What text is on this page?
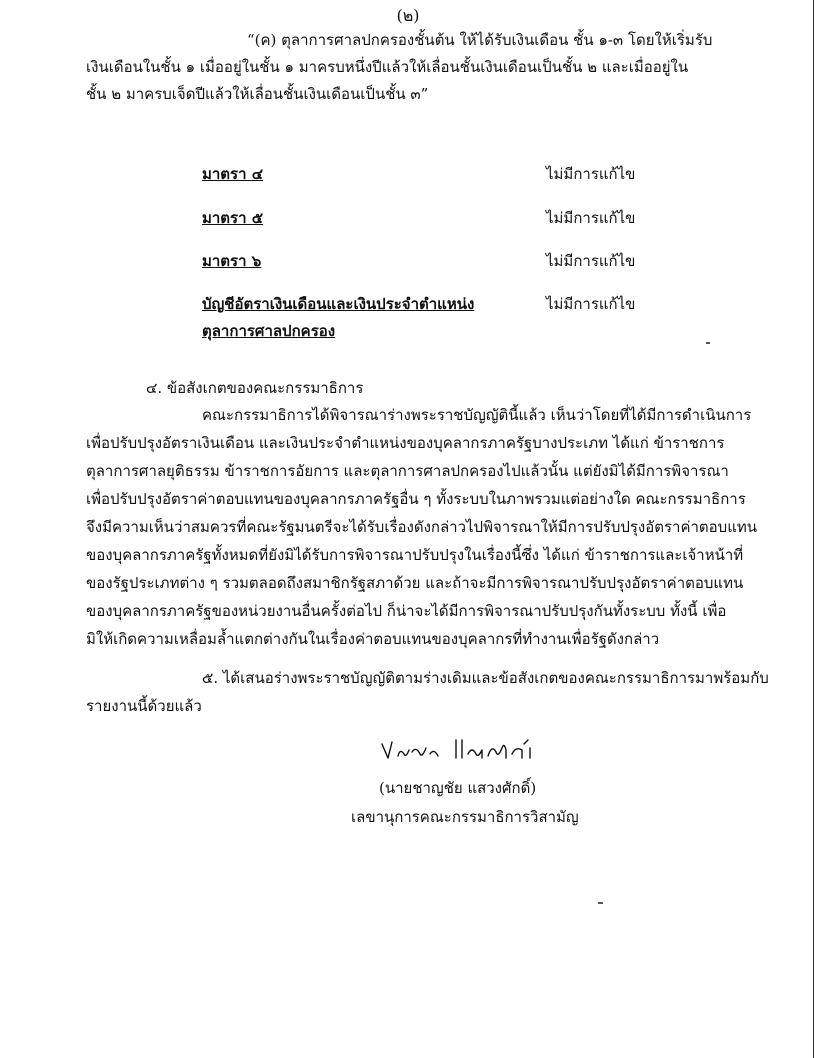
(๒)
“(ค) ตุลาการศาลปกครองชั้นต้น ให้ได้รับเงินเดือน ชั้น ๑-๓ โดยให้เริ่มรับ
เงินเดือนในชั้น ๑ เมื่ออยู่ในชั้น ๑ มาครบหนึ่งปีแล้วให้เลื่อนชั้นเงินเดือนเป็นชั้น ๒ และเมื่ออยู่ใน
ชั้น ๒ มาครบเจ็ดปีแล้วให้เลื่อนชั้นเงินเดือนเป็นชั้น ๓”
มาตรา ๔	ไม่มีการแก้ไข
มาตรา ๕	ไม่มีการแก้ไข
มาตรา ๖	ไม่มีการแก้ไข
บัญชีอัตราเงินเดือนและเงินประจำตำแหน่ง	ไม่มีการแก้ไข
ตุลาการศาลปกครอง
๔. ข้อสังเกตของคณะกรรมาธิการ
คณะกรรมาธิการได้พิจารณาร่างพระราชบัญญัตินี้แล้ว เห็นว่าโดยที่ได้มีการดำเนินการ
เพื่อปรับปรุงอัตราเงินเดือน และเงินประจำตำแหน่งของบุคลากรภาครัฐบางประเภท ได้แก่ ข้าราชการ
ตุลาการศาลยุติธรรม ข้าราชการอัยการ และตุลาการศาลปกครองไปแล้วนั้น แต่ยังมิได้มีการพิจารณา
เพื่อปรับปรุงอัตราค่าตอบแทนของบุคลากรภาครัฐอื่น ๆ ทั้งระบบในภาพรวมแต่อย่างใด คณะกรรมาธิการ
จึงมีความเห็นว่าสมควรที่คณะรัฐมนตรีจะได้รับเรื่องดังกล่าวไปพิจารณาให้มีการปรับปรุงอัตราค่าตอบแทน
ของบุคลากรภาครัฐทั้งหมดที่ยังมิได้รับการพิจารณาปรับปรุงในเรื่องนี้ซึ่ง ได้แก่ ข้าราชการและเจ้าหน้าที่
ของรัฐประเภทต่าง ๆ รวมตลอดถึงสมาชิกรัฐสภาด้วย และถ้าจะมีการพิจารณาปรับปรุงอัตราค่าตอบแทน
ของบุคลากรภาครัฐของหน่วยงานอื่นครั้งต่อไป ก็น่าจะได้มีการพิจารณาปรับปรุงกันทั้งระบบ ทั้งนี้ เพื่อ
มิให้เกิดความเหลื่อมล้ำแตกต่างกันในเรื่องค่าตอบแทนของบุคลากรที่ทำงานเพื่อรัฐดังกล่าว
๕. ได้เสนอร่างพระราชบัญญัติตามร่างเดิมและข้อสังเกตของคณะกรรมาธิการมาพร้อมกับ
รายงานนี้ด้วยแล้ว
(นายชาญชัย แสวงศักดิ์)
เลขานุการคณะกรรมาธิการวิสามัญ
